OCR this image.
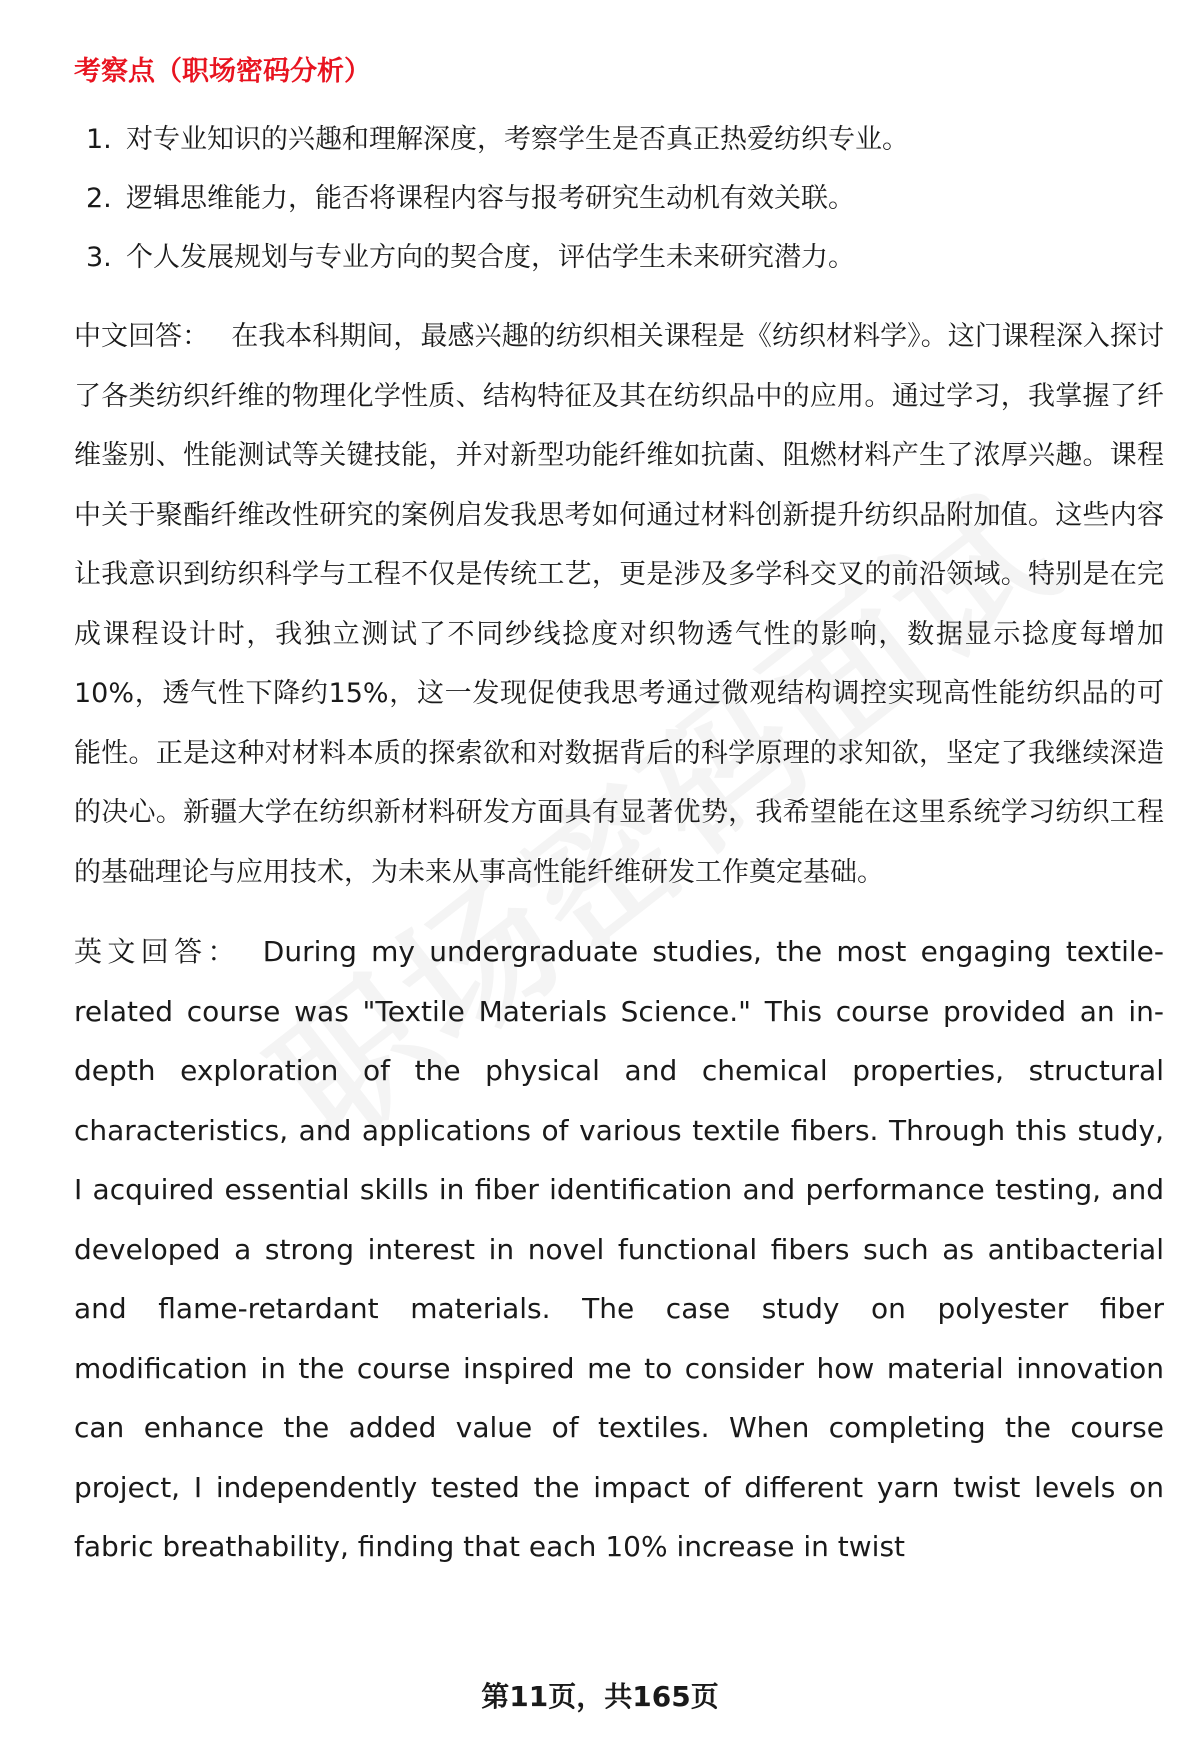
考察点（职场密码分析）
1. 对专业知识的兴趣和理解深度，考察学生是否真正热爱纺织专业。
2. 逻辑思维能力，能否将课程内容与报考研究生动机有效关联。
3. 个人发展规划与专业方向的契合度，评估学生未来研究潜力。

中文回答： 在我本科期间，最感兴趣的纺织相关课程是《纺织材料学》。这门课程深入探讨了各类纺织纤维的物理化学性质、结构特征及其在纺织品中的应用。通过学习，我掌握了纤维鉴别、性能测试等关键技能，并对新型功能纤维如抗菌、阻燃材料产生了浓厚兴趣。课程中关于聚酯纤维改性研究的案例启发我思考如何通过材料创新提升纺织品附加值。这些内容让我意识到纺织科学与工程不仅是传统工艺，更是涉及多学科交叉的前沿领域。特别是在完成课程设计时，我独立测试了不同纱线捻度对织物透气性的影响，数据显示捻度每增加10%，透气性下降约15%，这一发现促使我思考通过微观结构调控实现高性能纺织品的可能性。正是这种对材料本质的探索欲和对数据背后的科学原理的求知欲，坚定了我继续深造的决心。新疆大学在纺织新材料研发方面具有显著优势，我希望能在这里系统学习纺织工程的基础理论与应用技术，为未来从事高性能纤维研发工作奠定基础。

英文回答： During my undergraduate studies, the most engaging textile-related course was "Textile Materials Science." This course provided an in-depth exploration of the physical and chemical properties, structural characteristics, and applications of various textile fibers. Through this study, I acquired essential skills in fiber identification and performance testing, and developed a strong interest in novel functional fibers such as antibacterial and flame-retardant materials. The case study on polyester fiber modification in the course inspired me to consider how material innovation can enhance the added value of textiles. When completing the course project, I independently tested the impact of different yarn twist levels on fabric breathability, finding that each 10% increase in twist

第11页，共165页
